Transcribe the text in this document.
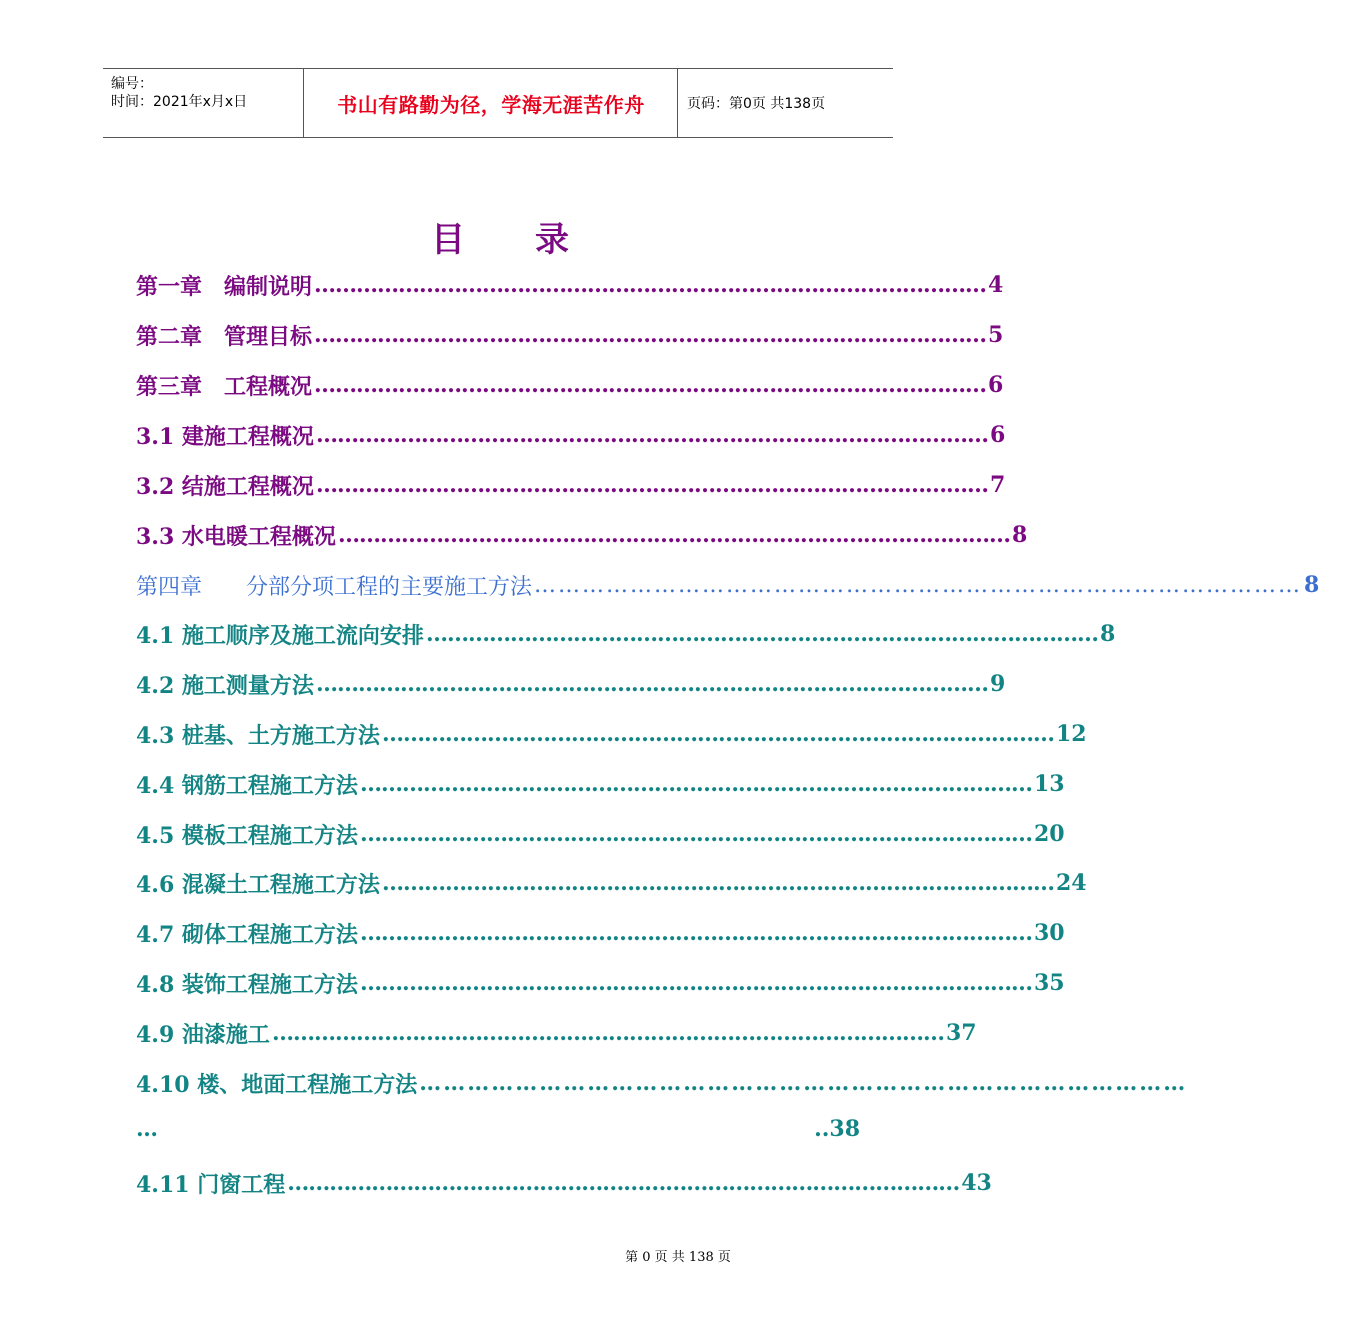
编号：
时间：2021年x月x日	书山有路勤为径，学海无涯苦作舟	页码：第0页 共138页
目 录
第一章　编制说明 …………………………………………………………………………………… 4
第二章　管理目标 …………………………………………………………………………………… 5
第三章　工程概况 …………………………………………………………………………………… 6
3.1 建施工程概况 …………………………………………………………………………………… 6
3.2 结施工程概况 …………………………………………………………………………………… 7
3.3 水电暖工程概况 …………………………………………………………………………………… 8
第四章　　分部分项工程的主要施工方法 …………………………………………………………………………………… 8
4.1 施工顺序及施工流向安排 …………………………………………………………………………………… 8
4.2 施工测量方法 …………………………………………………………………………………… 9
4.3 桩基、土方施工方法 …………………………………………………………………………………… 12
4.4 钢筋工程施工方法 …………………………………………………………………………………… 13
4.5 模板工程施工方法 …………………………………………………………………………………… 20
4.6 混凝土工程施工方法 …………………………………………………………………………………… 24
4.7 砌体工程施工方法 …………………………………………………………………………………… 30
4.8 装饰工程施工方法 …………………………………………………………………………………… 35
4.9 油漆施工 …………………………………………………………………………………… 37
4.10 楼、地面工程施工方法 ……………………………………………………………………………………
…	..38
4.11 门窗工程 …………………………………………………………………………………… 43
第 0 页 共 138 页
